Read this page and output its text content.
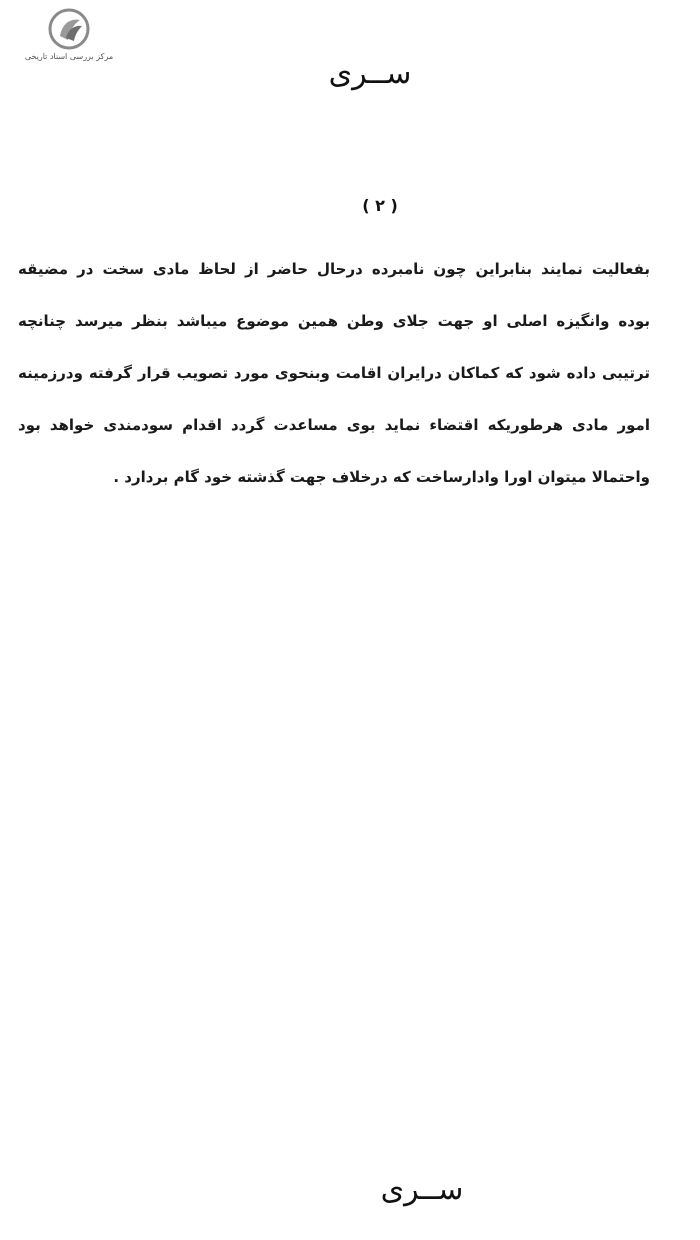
مرکز بررسی اسناد تاریخی	ســری
( ٢ )
بفعالیت نمایند بنابراین چون نامبرده درحال حاضر از لحاظ مادی سخت در مضیقه
بوده وانگیزه اصلی او جهت جلای وطن همین موضوع میباشد بنظر میرسد چنانچه
ترتیبی داده شود که کماکان درایران اقامت وبنحوی مورد تصویب قرار گرفته ودرزمینه
امور مادی هرطوریکه اقتضاء نماید بوی مساعدت گردد اقدام سودمندی خواهد بود
واحتمالا میتوان اورا وادارساخت که درخلاف جهت گذشته خود گام بردارد .
ســری
